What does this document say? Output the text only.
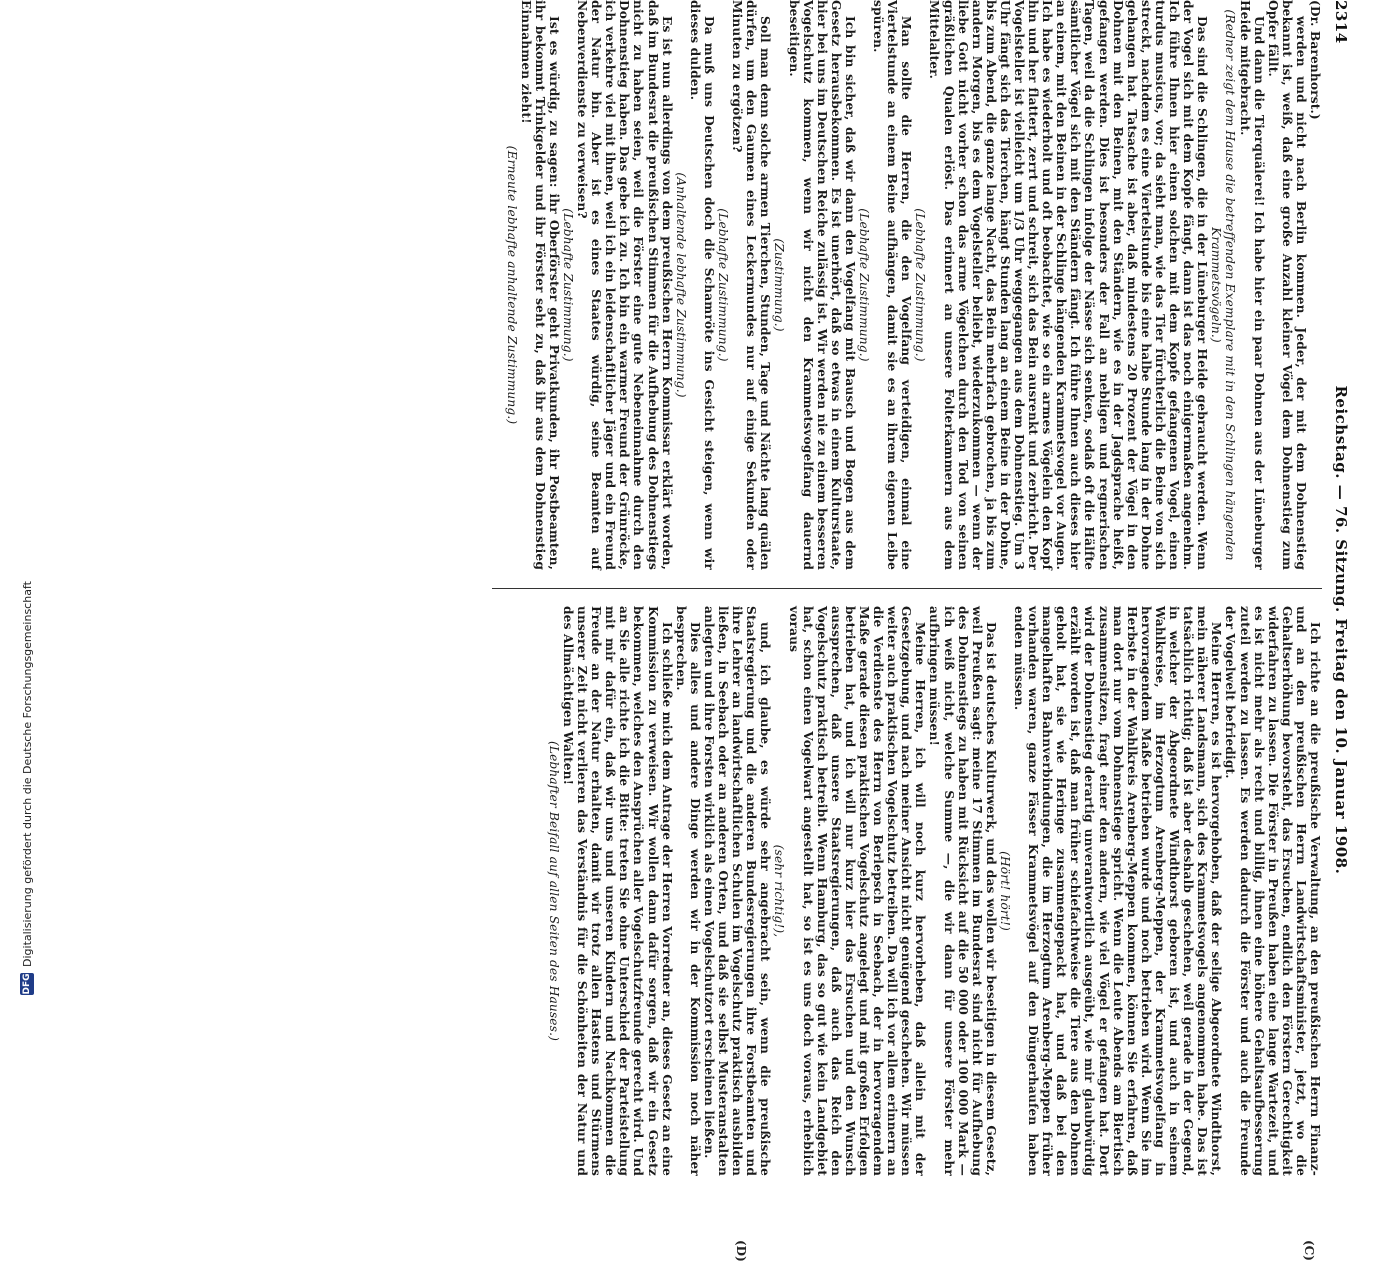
DFG
Digitalisierung gefördert durch die Deutsche Forschungsgemeinschaft
2314
Reichstag. — 76. Sitzung. Freitag den 10. Januar 1908.
(C)
(D)

(Dr. Barenhorst.)

werden und nicht nach Berlin kommen. Jeder, der mit dem Dohnenstieg bekannt ist, weiß, daß eine große Anzahl kleiner Vögel dem Dohnenstieg zum Opfer fällt.

Und dann die Tierquälerei! Ich habe hier ein paar Dohnen aus der Lüneburger Heide mitgebracht.

(Redner zeigt dem Hause die betreffenden Exemplare mit in den Schlingen hängenden Krammetsvögeln.)

Das sind die Schlingen, die in der Lüneburger Heide gebraucht werden. Wenn der Vogel sich mit dem Kopfe fängt, dann ist das noch einigermaßen angenehm. Ich führe Ihnen hier einen solchen mit dem Kopfe gefangenen Vogel, einen turdus musicus, vor; da sieht man, wie das Tier fürchterlich die Beine von sich streckt, nachdem es eine Viertelstunde bis eine halbe Stunde lang in der Dohne gehangen hat. Tatsache ist aber, daß mindestens 20 Prozent der Vögel in den Dohnen mit den Beinen, mit den Ständern, wie es in der Jagdsprache heißt, gefangen werden. Dies ist besonders der Fall an nebligen und regnerischen Tagen, weil da die Schlingen infolge der Nässe sich senken, sodaß oft die Hälfte sämtlicher Vögel sich mit den Ständern fängt. Ich führe Ihnen auch dieses hier an einem, mit den Beinen in der Schlinge hängenden Krammetsvogel vor Augen. Ich habe es wiederholt und oft beobachtet, wie so ein armes Vögelein den Kopf hin und her flattert, zerrt und schreit, sich das Bein ausrenkt und zerbricht. Der Vogelsteller ist vielleicht um 1/3 Uhr weggegangen aus dem Dohnenstieg. Um 3 Uhr fängt sich das Tierchen, hängt Stunden lang an einem Beine in der Dohne, bis zum Abend, die ganze lange Nacht, das Bein mehrfach gebrochen, ja bis zum andern Morgen, bis es dem Vogelsteller beliebt, wiederzukommen — wenn der liebe Gott nicht vorher schon das arme Vögelchen durch den Tod von seinen gräßlichen Qualen erlöst. Das erinnert an unsere Folterkammern aus dem Mittelalter.

(Lebhafte Zustimmung.)

Man sollte die Herren, die den Vogelfang verteidigen, einmal eine Viertelstunde an einem Beine aufhängen, damit sie es an ihrem eigenen Leibe spüren.

(Lebhafte Zustimmung.)

Ich bin sicher, daß wir dann den Vogelfang mit Bausch und Bogen aus dem Gesetz herausbekommen. Es ist unerhört, daß so etwas in einem Kulturstaate, hier bei uns im Deutschen Reiche zulässig ist. Wir werden nie zu einem besseren Vogelschutz kommen, wenn wir nicht den Krammetsvogelfang dauernd beseitigen.

(Zustimmung.)

Soll man denn solche armen Tierchen, Stunden, Tage und Nächte lang quälen dürfen, um den Gaumen eines Leckermundes nur auf einige Sekunden oder Minuten zu ergötzen?

(Lebhafte Zustimmung.)

Da muß uns Deutschen doch die Schamröte ins Gesicht steigen, wenn wir dieses dulden.

(Anhaltende lebhafte Zustimmung.)

Es ist nun allerdings von dem preußischen Herrn Kommissar erklärt worden, daß im Bundesrat die preußischen Stimmen für die Aufhebung des Dohnenstiegs nicht zu haben seien, weil die Förster eine gute Nebeneinnahme durch den Dohnenstieg haben. Das gebe ich zu. Ich bin ein warmer Freund der Grünröcke, ich verkehre viel mit ihnen, weil ich ein leidenschaftlicher Jäger und ein Freund der Natur bin. Aber ist es eines Staates würdig, seine Beamten auf Nebenverdienste zu verweisen?

(Lebhafte Zustimmung.)

Ist es würdig, zu sagen: ihr Oberförster geht Privatkunden, ihr Postbeamten, ihr bekommt Trinkgelder und ihr Förster seht zu, daß ihr aus dem Dohnenstieg Einnahmen zieht!

(Erneute lebhafte anhaltende Zustimmung.)

Ich richte an die preußische Verwaltung, an den preußischen Herrn Finanz- und an den preußischen Herrn Landwirtschaftsminister, jetzt, wo die Gehaltserhöhung bevorsteht, das Ersuchen, endlich den Förstern Gerechtigkeit widerfahren zu lassen. Die Förster in Preußen haben eine lange Wartezeit, und es ist nicht mehr als recht und billig, ihnen eine höhere Gehaltsaufbesserung zuteil werden zu lassen. Es werden dadurch die Förster und auch die Freunde der Vogelwelt befriedigt.

Meine Herren, es ist hervorgehoben, daß der selige Abgeordnete Windthorst, mein näherer Landsmann, sich des Krammetsvogels angenommen habe. Das ist tatsächlich richtig; daß ist aber deshalb geschehen, weil gerade in der Gegend, in welcher der Abgeordnete Windthorst geboren ist, und auch in seinem Wahlkreise, im Herzogtum Arenberg-Meppen, der Krammetsvogelfang in hervorragendem Maße betrieben wurde und noch betrieben wird. Wenn Sie im Herbste in der Wahlkreis Arenberg-Meppen kommen, können Sie erfahren, daß man dort nur vom Dohnenstiege spricht. Wenn die Leute Abends am Biertisch zusammensitzen, fragt einer den andern, wie viel Vögel er gefangen hat. Dort wird der Dohnenstieg derartig unverantwortlich ausgeübt, wie mir glaubwürdig erzählt worden ist, daß man früher schiefachtweise die Tiere aus den Dohnen geholt hat, sie wie Heringe zusammengepackt hat, und daß bei den mangelhaften Bahnverbindungen, die im Herzogtum Arenberg-Meppen früher vorhanden waren, ganze Fässer Krammetsvögel auf den Düngerhaufen haben enden müssen.

(Hört! hört!)

Das ist deutsches Kulturwerk, und das wollen wir beseitigen in diesem Gesetz, weil Preußen sagt: meine 17 Stimmen im Bundesrat sind nicht für Aufhebung des Dohnenstiegs zu haben mit Rücksicht auf die 50 000 oder 100 000 Mark — ich weiß nicht, welche Summe —, die wir dann für unsere Förster mehr aufbringen müssen!

Meine Herren, ich will noch kurz hervorheben, daß allein mit der Gesetzgebung, und nach meiner Ansicht nicht genügend geschehen. Wir müssen weiter auch praktischen Vogelschutz betreiben. Da will ich vor allem erinnern an die Verdienste des Herrn von Berlepsch in Seebach, der in hervorragendem Maße gerade diesen praktischen Vogelschutz angelegt und mit großen Erfolgen betrieben hat, und ich will nur kurz hier das Ersuchen und den Wunsch aussprechen, daß unsere Staatsregierungen, daß auch das Reich den Vogelschutz praktisch betreibt. Wenn Hamburg, das so gut wie kein Landgebiet hat, schon einen Vogelwart angestellt hat, so ist es uns doch voraus, erheblich voraus

(sehr richtig!),

und, ich glaube, es würde sehr angebracht sein, wenn die preußische Staatsregierung und die anderen Bundesregierungen ihre Forstbeamten und ihre Lehrer an landwirtschaftlichen Schulen im Vogelschutz praktisch ausbilden ließen, in Seebach oder an anderen Orten, und daß sie selbst Musteranstalten anlegten und ihre Forsten wirklich als einen Vogelschutzort erscheinen ließen.

Dies alles und andere Dinge werden wir in der Kommission noch näher besprechen.

Ich schließe mich dem Antrage der Herren Vorredner an, dieses Gesetz an eine Kommission zu verweisen. Wir wollen dann dafür sorgen, daß wir ein Gesetz bekommen, welches den Ansprüchen aller Vogelschutzfreunde gerecht wird. Und an Sie alle richte ich die Bitte: treten Sie ohne Unterschied der Parteistellung mit mir dafür ein, daß wir uns und unseren Kindern und Nachkommen die Freude an der Natur erhalten, damit wir trotz allen Hastens und Stürmens unserer Zeit nicht verlieren das Verständnis für die Schönheiten der Natur und des Allmächtigen Walten!

(Lebhafter Beifall auf allen Seiten des Hauses.)
